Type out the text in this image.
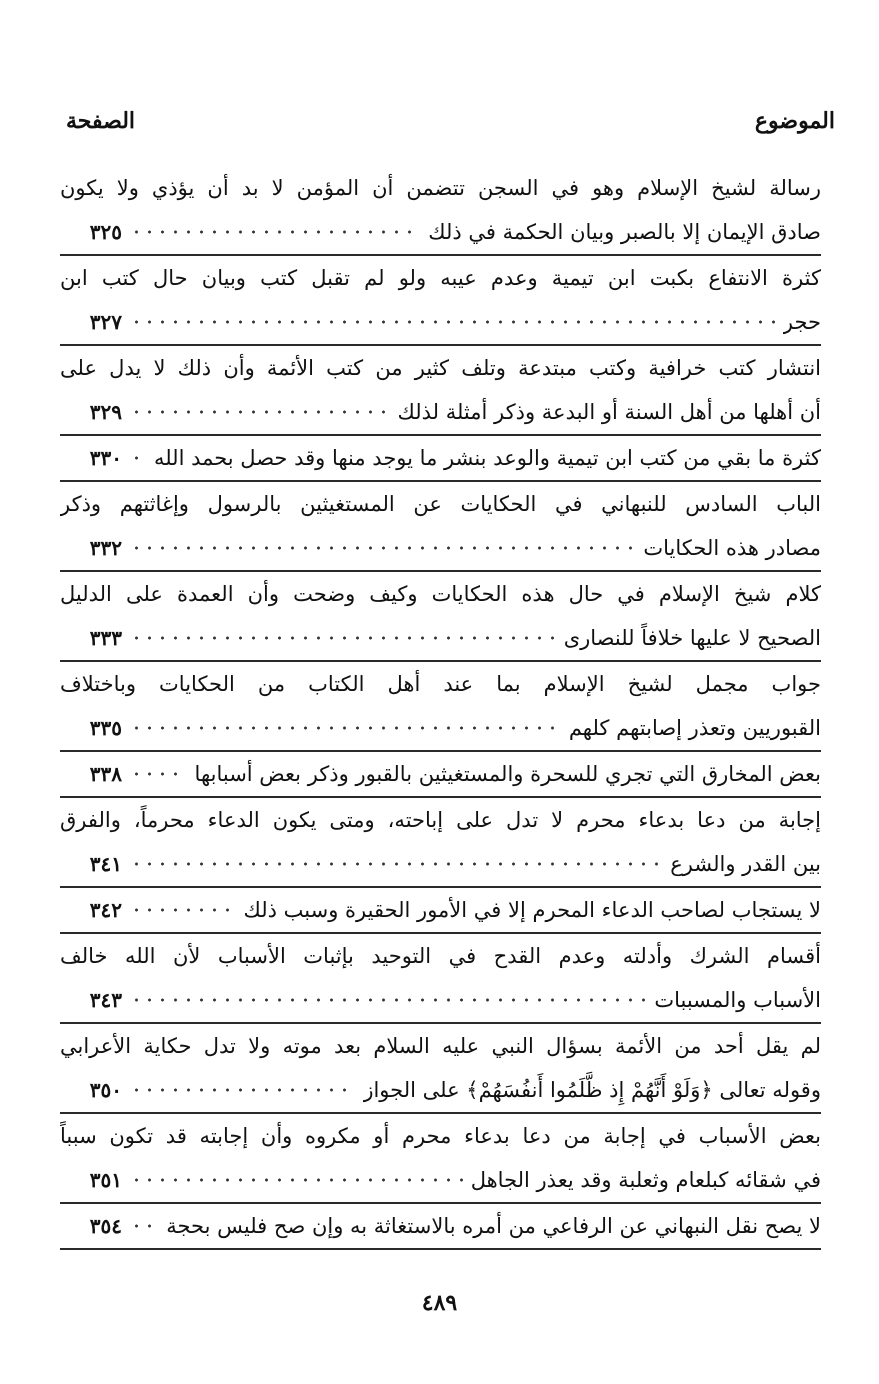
الموضوع
الصفحة
رسالة لشيخ الإسلام وهو في السجن تتضمن أن المؤمن لا بد أن يؤذي ولا يكون
صادق الإيمان إلا بالصبر وبيان الحكمة في ذلك
٣٢٥
كثرة الانتفاع بكبت ابن تيمية وعدم عيبه ولو لم تقبل كتب وبيان حال كتب ابن
حجر
٣٢٧
انتشار كتب خرافية وكتب مبتدعة وتلف كثير من كتب الأئمة وأن ذلك لا يدل على
أن أهلها من أهل السنة أو البدعة وذكر أمثلة لذلك
٣٢٩
كثرة ما بقي من كتب ابن تيمية والوعد بنشر ما يوجد منها وقد حصل بحمد الله
٣٣٠
الباب السادس للنبهاني في الحكايات عن المستغيثين بالرسول وإغاثتهم وذكر
مصادر هذه الحكايات
٣٣٢
كلام شيخ الإسلام في حال هذه الحكايات وكيف وضحت وأن العمدة على الدليل
الصحيح لا عليها خلافاً للنصارى
٣٣٣
جواب مجمل لشيخ الإسلام بما عند أهل الكتاب من الحكايات وباختلاف
القبوريين وتعذر إصابتهم كلهم
٣٣٥
بعض المخارق التي تجري للسحرة والمستغيثين بالقبور وذكر بعض أسبابها
٣٣٨
إجابة من دعا بدعاء محرم لا تدل على إباحته، ومتى يكون الدعاء محرماً، والفرق
بين القدر والشرع
٣٤١
لا يستجاب لصاحب الدعاء المحرم إلا في الأمور الحقيرة وسبب ذلك
٣٤٢
أقسام الشرك وأدلته وعدم القدح في التوحيد بإثبات الأسباب لأن الله خالف
الأسباب والمسببات
٣٤٣
لم يقل أحد من الأئمة بسؤال النبي عليه السلام بعد موته ولا تدل حكاية الأعرابي
وقوله تعالى ﴿وَلَوْ أَنَّهُمْ إِذ ظَّلَمُوا أَنفُسَهُمْ﴾ على الجواز
٣٥٠
بعض الأسباب في إجابة من دعا بدعاء محرم أو مكروه وأن إجابته قد تكون سبباً
في شقائه كبلعام وثعلبة وقد يعذر الجاهل
٣٥١
لا يصح نقل النبهاني عن الرفاعي من أمره بالاستغاثة به وإن صح فليس بحجة
٣٥٤
٤٨٩
